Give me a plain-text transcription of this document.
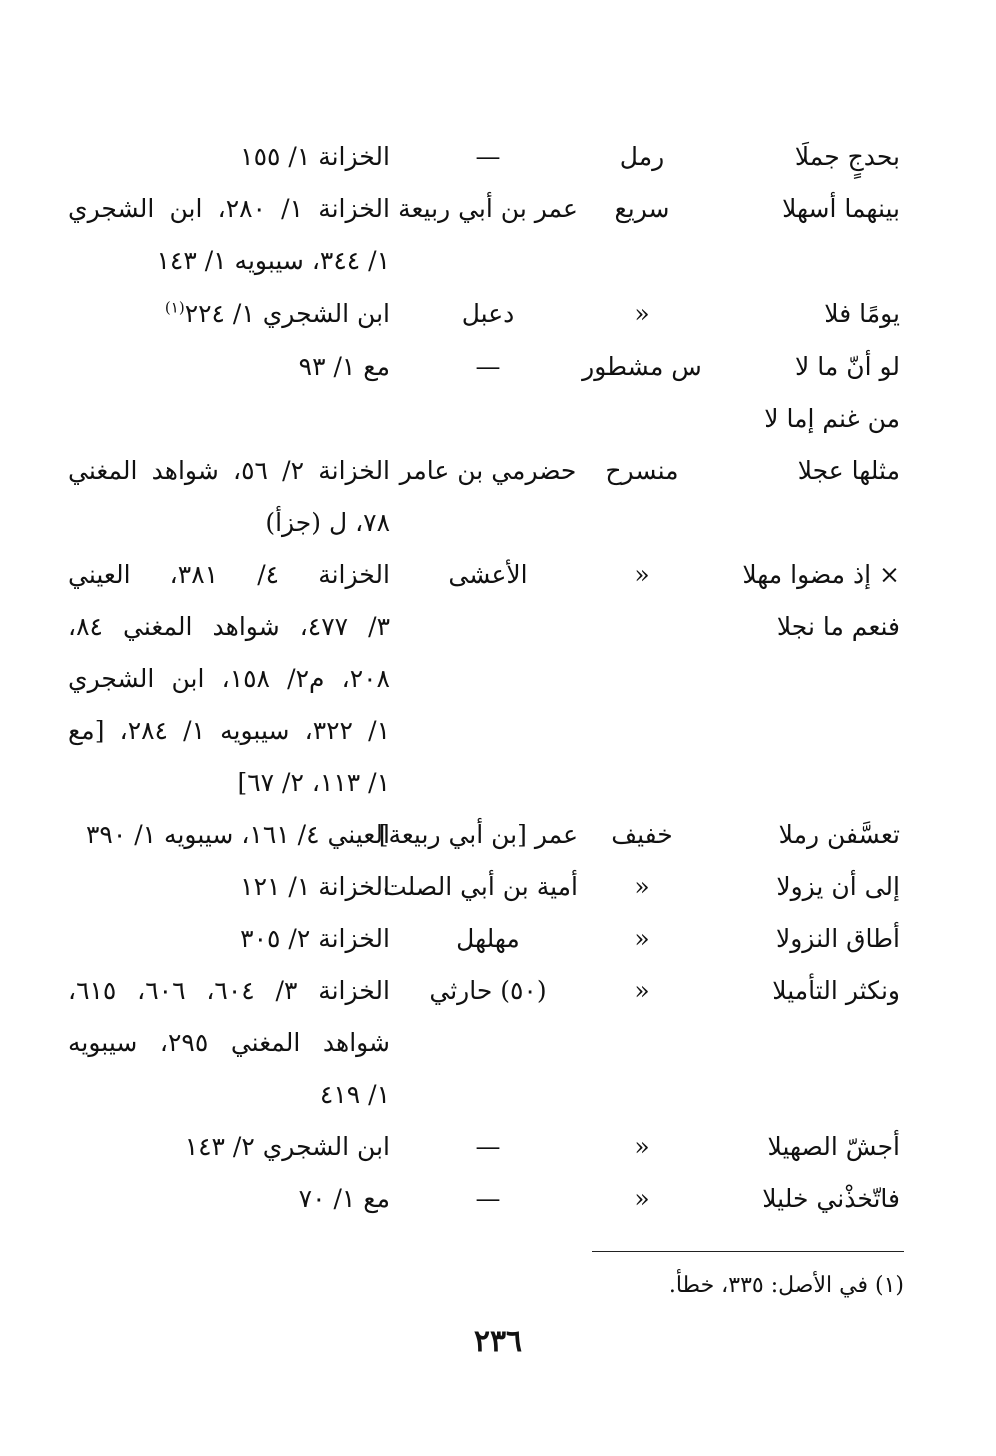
بحدجٍ جملَا
رمل
—
الخزانة ١/ ١٥٥
بينهما أسهلا
سريع
عمر بن أبي ربيعة
الخزانة ١/ ٢٨٠، ابن الشجري
١/ ٣٤٤، سيبويه ١/ ١٤٣
يومًا فلا
«
دعبل
ابن الشجري ١/ ٢٢٤$^{(١)}$
لو أنّ ما لا
س مشطور
—
مع ١/ ٩٣
من غنم إما لا
مثلها عجلا
منسرح
حضرمي بن عامر
الخزانة ٢/ ٥٦، شواهد المغني
٧٨، ل (جزأ)
× إذ مضوا مهلا
«
الأعشى
الخزانة ٤/ ٣٨١، العيني
فنعم ما نجلا
٣/ ٤٧٧، شواهد المغني ٨٤،
٢٠٨، م٢/ ١٥٨، ابن الشجري
١/ ٣٢٢، سيبويه ١/ ٢٨٤، [مع
١/ ١١٣، ٢/ ٦٧]
تعسَّفن رملا
خفيف
عمر [بن أبي ربيعة]
العيني ٤/ ١٦١، سيبويه ١/ ٣٩٠
إلى أن يزولا
«
أمية بن أبي الصلت
الخزانة ١/ ١٢١
أطاق النزولا
«
مهلهل
الخزانة ٢/ ٣٠٥
ونكثر التأميلا
«
(٥٠) حارثي
الخزانة ٣/ ٦٠٤، ٦٠٦، ٦١٥،
شواهد المغني ٢٩٥، سيبويه
١/ ٤١٩
أجشّ الصهيلا
«
—
ابن الشجري ٢/ ١٤٣
فاتّخذْني خليلا
«
—
مع ١/ ٧٠
(١) في الأصل: ٣٣٥، خطأ.
٢٣٦
